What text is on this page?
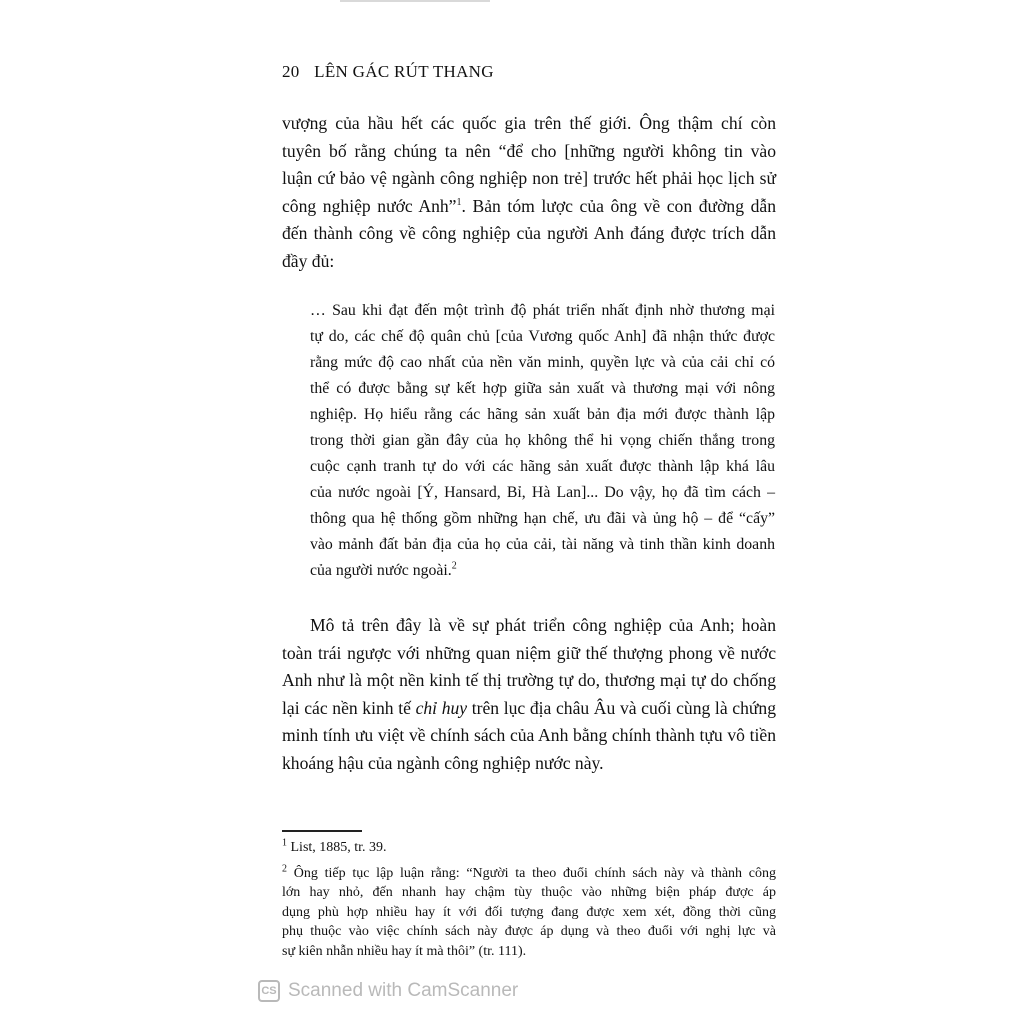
20 LÊN GÁC RÚT THANG

vượng của hầu hết các quốc gia trên thế giới. Ông thậm chí còn
tuyên bố rằng chúng ta nên “để cho [những người không tin vào
luận cứ bảo vệ ngành công nghiệp non trẻ] trước hết phải học lịch sử
công nghiệp nước Anh”$^1$. Bản tóm lược của ông về con đường dẫn
đến thành công về công nghiệp của người Anh đáng được trích dẫn
đầy đủ:

… Sau khi đạt đến một trình độ phát triển nhất định nhờ thương mại
tự do, các chế độ quân chủ [của Vương quốc Anh] đã nhận thức được
rằng mức độ cao nhất của nền văn minh, quyền lực và của cải chỉ có
thể có được bằng sự kết hợp giữa sản xuất và thương mại với nông
nghiệp. Họ hiểu rằng các hãng sản xuất bản địa mới được thành lập
trong thời gian gần đây của họ không thể hi vọng chiến thắng trong
cuộc cạnh tranh tự do với các hãng sản xuất được thành lập khá lâu
của nước ngoài [Ý, Hansard, Bỉ, Hà Lan]... Do vậy, họ đã tìm cách –
thông qua hệ thống gồm những hạn chế, ưu đãi và ủng hộ – để “cấy”
vào mảnh đất bản địa của họ của cải, tài năng và tinh thần kinh doanh
của người nước ngoài.$^2$

Mô tả trên đây là về sự phát triển công nghiệp của Anh; hoàn
toàn trái ngược với những quan niệm giữ thế thượng phong về nước
Anh như là một nền kinh tế thị trường tự do, thương mại tự do chống
lại các nền kinh tế chỉ huy trên lục địa châu Âu và cuối cùng là chứng
minh tính ưu việt về chính sách của Anh bằng chính thành tựu vô tiền
khoáng hậu của ngành công nghiệp nước này.

$^1$ List, 1885, tr. 39.
$^2$ Ông tiếp tục lập luận rằng: “Người ta theo đuổi chính sách này và thành công
lớn hay nhỏ, đến nhanh hay chậm tùy thuộc vào những biện pháp được áp
dụng phù hợp nhiều hay ít với đối tượng đang được xem xét, đồng thời cũng
phụ thuộc vào việc chính sách này được áp dụng và theo đuổi với nghị lực và
sự kiên nhẫn nhiều hay ít mà thôi” (tr. 111).
CS Scanned with CamScanner
